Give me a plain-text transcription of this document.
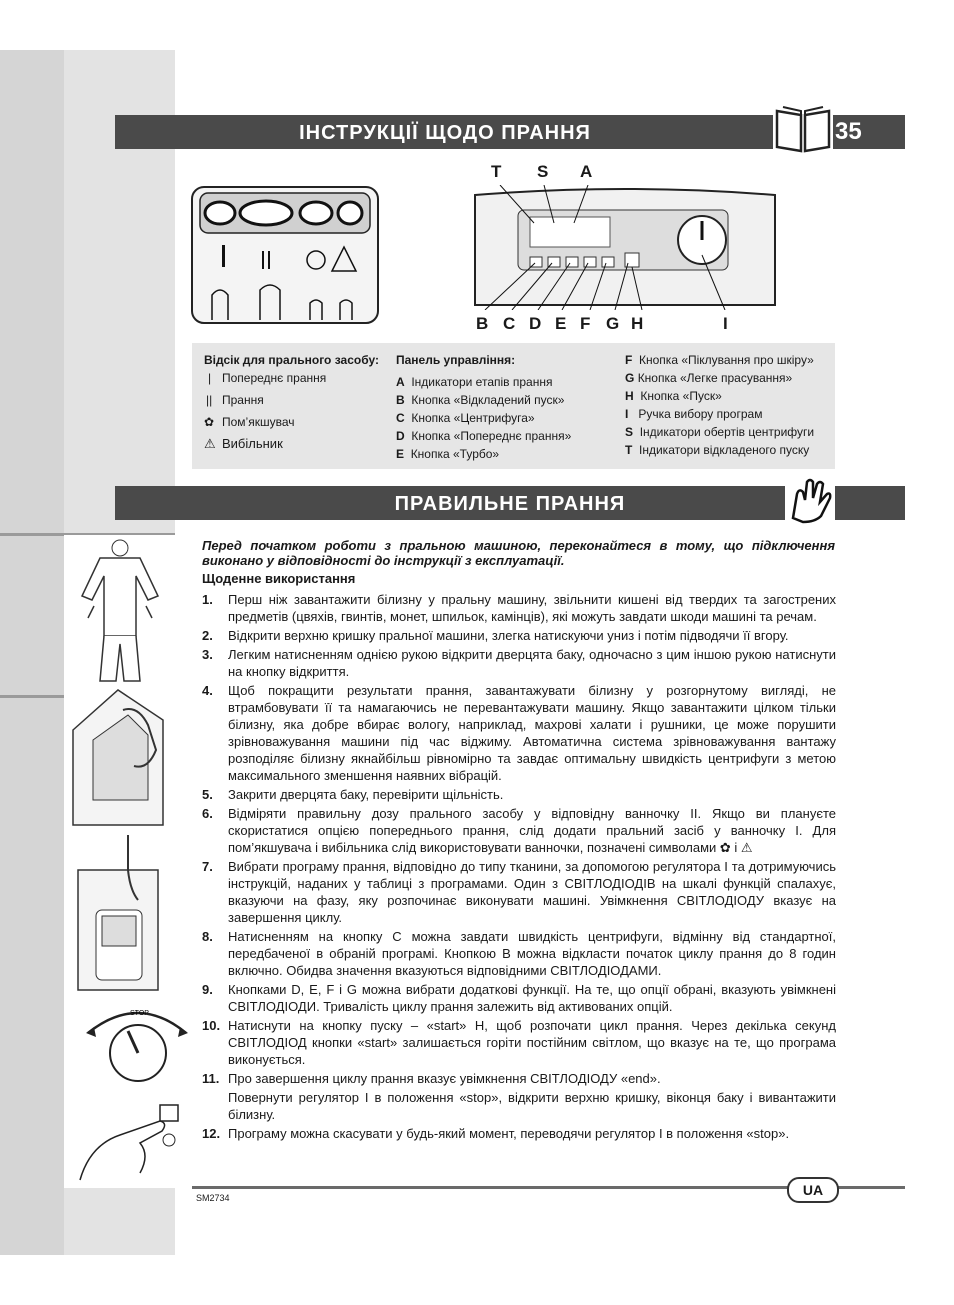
ІНСТРУКЦІЇ ЩОДО ПРАННЯ	35
T S A
B C D E F G H	I
Відсік для прального засобу:
| Попереднє прання
|| Прання
✿ Пом’якшувач
⚠ Вибільник
Панель управління:
A Індикатори етапів прання
B Кнопка «Відкладений пуск»
C Кнопка «Центрифуга»
D Кнопка «Попереднє прання»
E Кнопка «Турбо»
F Кнопка «Піклування про шкіру»
G Кнопка «Легке прасування»
H Кнопка «Пуск»
I Ручка вибору програм
S Індикатори обертів центрифуги
T Індикатори відкладеного пуску
ПРАВИЛЬНЕ ПРАННЯ
STOP
Перед початком роботи з пральною машиною, переконайтеся в тому, що підключення виконано у відповідності до інструкції з експлуатації.
Щоденне використання
1. Перш ніж завантажити білизну у пральну машину, звільнити кишені від твердих та загострених предметів (цвяхів, гвинтів, монет, шпильок, камінців), які можуть завдати шкоди машині та речам.
2. Відкрити верхню кришку пральної машини, злегка натискуючи униз і потім підводячи її вгору.
3. Легким натисненням однією рукою відкрити дверцята баку, одночасно з цим іншою рукою натиснути на кнопку відкриття.
4. Щоб покращити результати прання, завантажувати білизну у розгорнутому вигляді, не втрамбовувати її та намагаючись не перевантажувати машину. Якщо завантажити цілком тільки білизну, яка добре вбирає вологу, наприклад, махрові халати і рушники, це може порушити зрівноважування машини під час віджиму. Автоматична система зрівноважування вантажу розподіляє білизну якнайбільш рівномірно та завдає оптимальну швидкість центрифуги з метою максимального зменшення наявних вібрацій.
5. Закрити дверцята баку, перевірити щільність.
6. Відміряти правильну дозу прального засобу у відповідну ванночку II. Якщо ви плануєте скористатися опцією попереднього прання, слід додати пральний засіб у ванночку I. Для пом’якшувача і вибільника слід використовувати ванночки, позначені символами ✿ і ⚠
7. Вибрати програму прання, відповідно до типу тканини, за допомогою регулятора I та дотримуючись інструкцій, наданих у таблиці з програмами. Один з СВІТЛОДІОДІВ на шкалі функцій спалахує, вказуючи на фазу, яку розпочинає виконувати машині. Увімкнення СВІТЛОДІОДУ вказує на завершення циклу.
8. Натисненням на кнопку C можна завдати швидкість центрифуги, відмінну від стандартної, передбаченої в обраній програмі. Кнопкою B можна відкласти початок циклу прання до 8 годин включно. Обидва значення вказуються відповідними СВІТЛОДІОДАМИ.
9. Кнопками D, E, F і G можна вибрати додаткові функції. На те, що опції обрані, вказують увімкнені СВІТЛОДІОДИ. Тривалість циклу прання залежить від активованих опцій.
10. Натиснути на кнопку пуску – «start» H, щоб розпочати цикл прання. Через декілька секунд СВІТЛОДІОД кнопки «start» залишається горіти постійним світлом, що вказує на те, що програма виконується.
11. Про завершення циклу прання вказує увімкнення СВІТЛОДІОДУ «end».
Повернути регулятор I в положення «stop», відкрити верхню кришку, віконця баку і вивантажити білизну.
12. Програму можна скасувати у будь-який момент, переводячи регулятор I в положення «stop».
SM2734	UA
